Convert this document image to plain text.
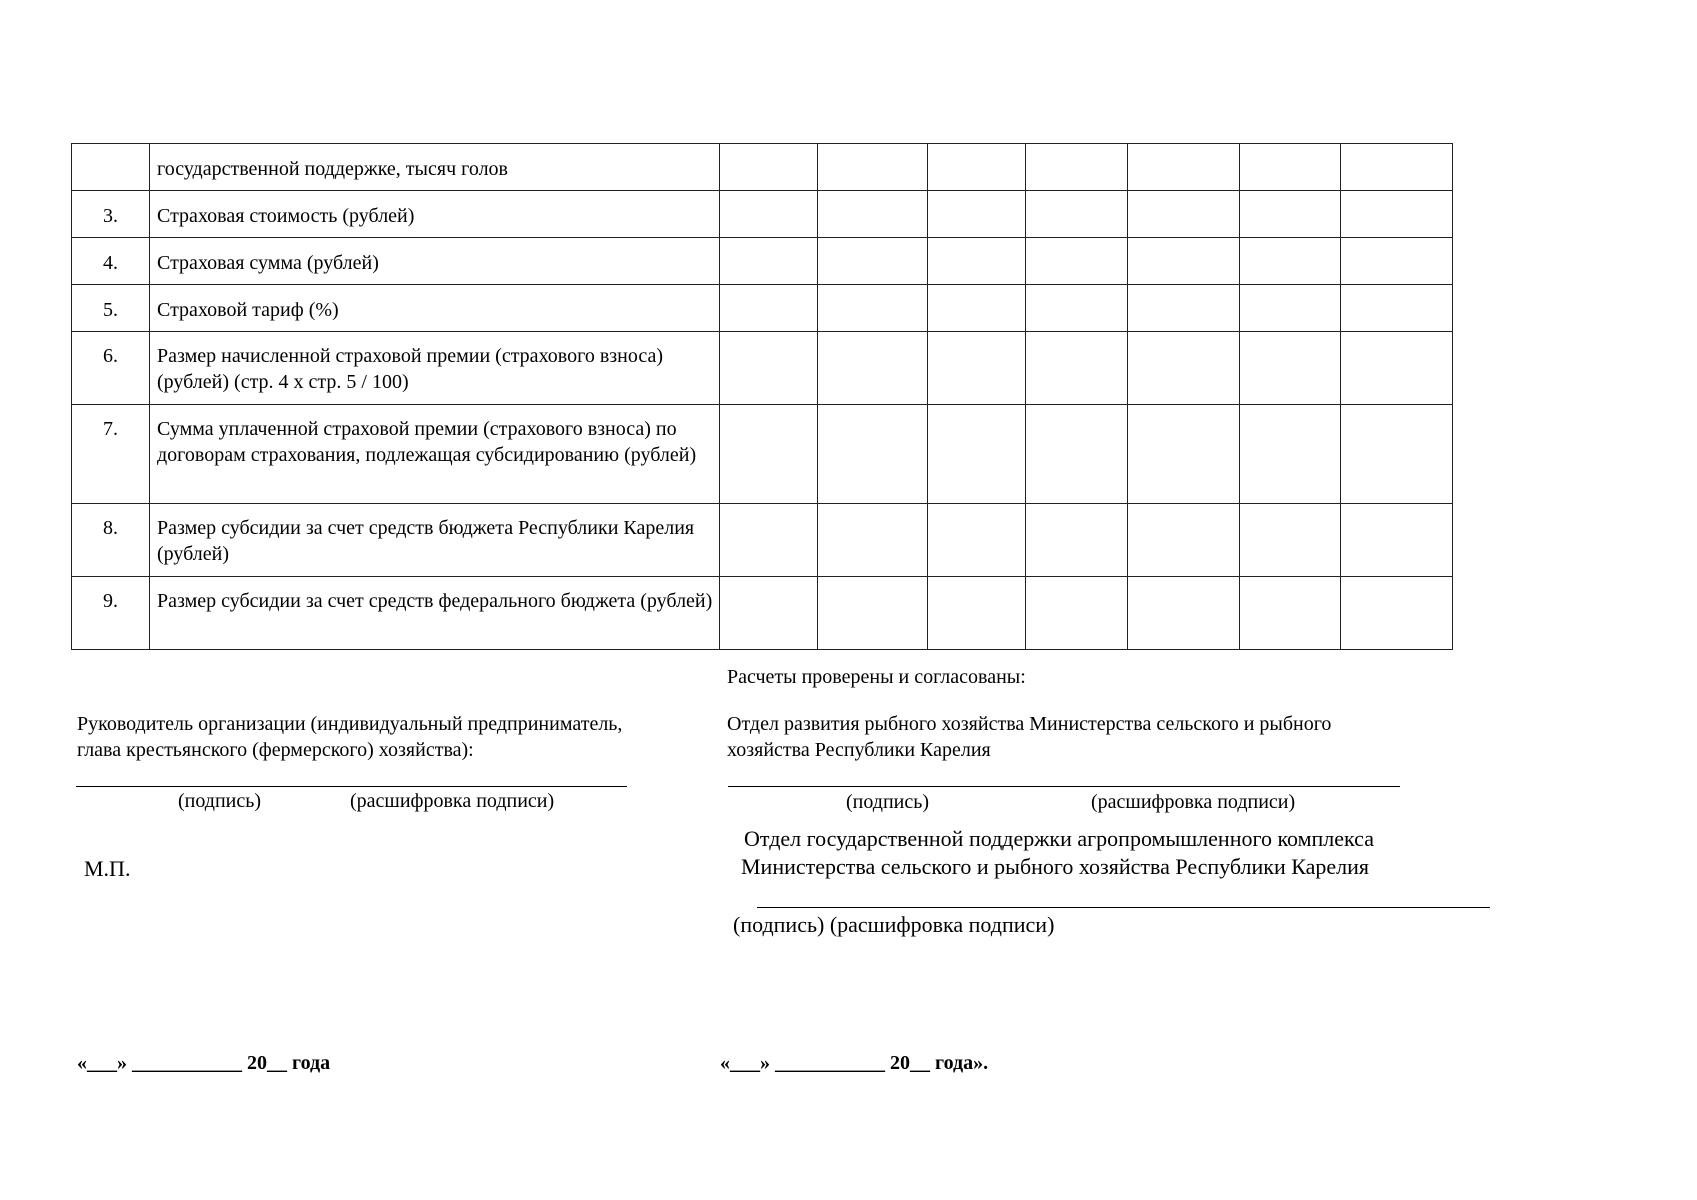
	государственной поддержке, тысяч голов							
3.	Страховая стоимость (рублей)							
4.	Страховая сумма (рублей)							
5.	Страховой тариф (%)							
6.	Размер начисленной страховой премии (страхового взноса) (рублей) (стр. 4 x стр. 5 / 100)							
7.	Сумма уплаченной страховой премии (страхового взноса) по договорам страхования, подлежащая субсидированию (рублей)							
8.	Размер субсидии за счет средств бюджета Республики Карелия (рублей)							
9.	Размер субсидии за счет средств федерального бюджета (рублей)							
Расчеты проверены и согласованы:
Руководитель организации (индивидуальный предприниматель,
глава крестьянского (фермерского) хозяйства):
Отдел развития рыбного хозяйства Министерства сельского и рыбного
хозяйства Республики Карелия
(подпись)	(расшифровка подписи)	(подпись)	(расшифровка подписи)
М.П.
Отдел государственной поддержки агропромышленного комплекса
Министерства сельского и рыбного хозяйства Республики Карелия
(подпись) (расшифровка подписи)
«___» ___________ 20__ года	«___» ___________ 20__ года».
